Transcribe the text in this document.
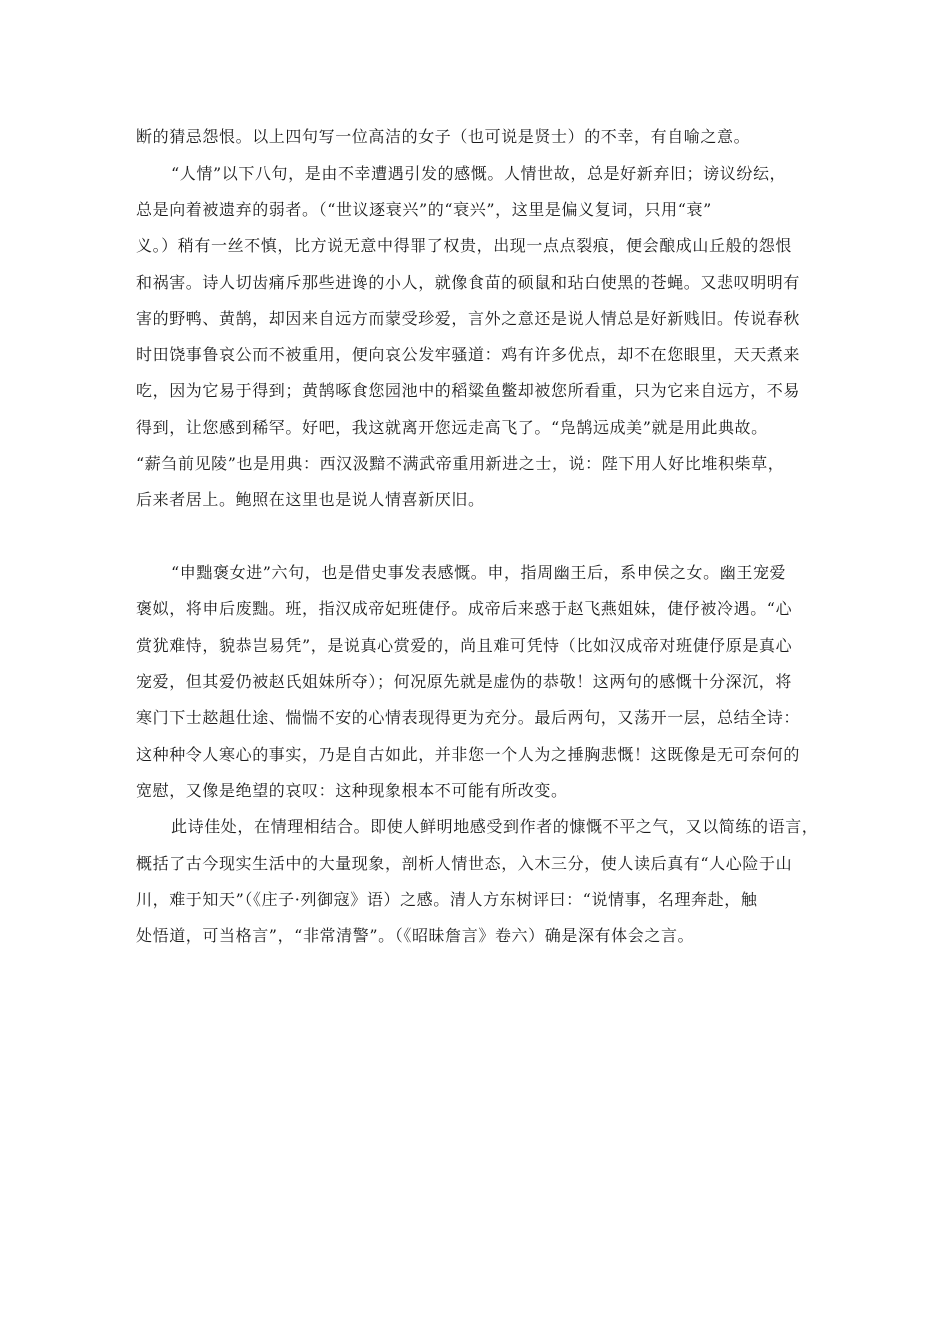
断的猜忌怨恨。以上四句写一位高洁的女子（也可说是贤士）的不幸，有自喻之意。
“人情”以下八句，是由不幸遭遇引发的感慨。人情世故，总是好新弃旧；谤议纷纭，
总是向着被遗弃的弱者。（“世议逐衰兴”的“衰兴”，这里是偏义复词，只用“衰”
义。）稍有一丝不慎，比方说无意中得罪了权贵，出现一点点裂痕，便会酿成山丘般的怨恨
和祸害。诗人切齿痛斥那些进谗的小人，就像食苗的硕鼠和玷白使黑的苍蝇。又悲叹明明有
害的野鸭、黄鹄，却因来自远方而蒙受珍爱，言外之意还是说人情总是好新贱旧。传说春秋
时田饶事鲁哀公而不被重用，便向哀公发牢骚道：鸡有许多优点，却不在您眼里，天天煮来
吃，因为它易于得到；黄鹄啄食您园池中的稻粱鱼鳖却被您所看重，只为它来自远方，不易
得到，让您感到稀罕。好吧，我这就离开您远走高飞了。“凫鹄远成美”就是用此典故。
“薪刍前见陵”也是用典：西汉汲黯不满武帝重用新进之士，说：陛下用人好比堆积柴草，
后来者居上。鲍照在这里也是说人情喜新厌旧。
“申黜褒女进”六句，也是借史事发表感慨。申，指周幽王后，系申侯之女。幽王宠爱
褒姒，将申后废黜。班，指汉成帝妃班倢伃。成帝后来惑于赵飞燕姐妹，倢伃被冷遇。“心
赏犹难恃，貌恭岂易凭”，是说真心赏爱的，尚且难可凭恃（比如汉成帝对班倢伃原是真心
宠爱，但其爱仍被赵氏姐妹所夺）；何况原先就是虚伪的恭敬！这两句的感慨十分深沉，将
寒门下士趑趄仕途、惴惴不安的心情表现得更为充分。最后两句，又荡开一层，总结全诗：
这种种令人寒心的事实，乃是自古如此，并非您一个人为之捶胸悲慨！这既像是无可奈何的
宽慰，又像是绝望的哀叹：这种现象根本不可能有所改变。
此诗佳处，在情理相结合。即使人鲜明地感受到作者的慷慨不平之气，又以简练的语言，
概括了古今现实生活中的大量现象，剖析人情世态，入木三分，使人读后真有“人心险于山
川，难于知天”（《庄子·列御寇》语）之感。清人方东树评曰：“说情事，名理奔赴，触
处悟道，可当格言”，“非常清警”。（《昭昧詹言》卷六）确是深有体会之言。
